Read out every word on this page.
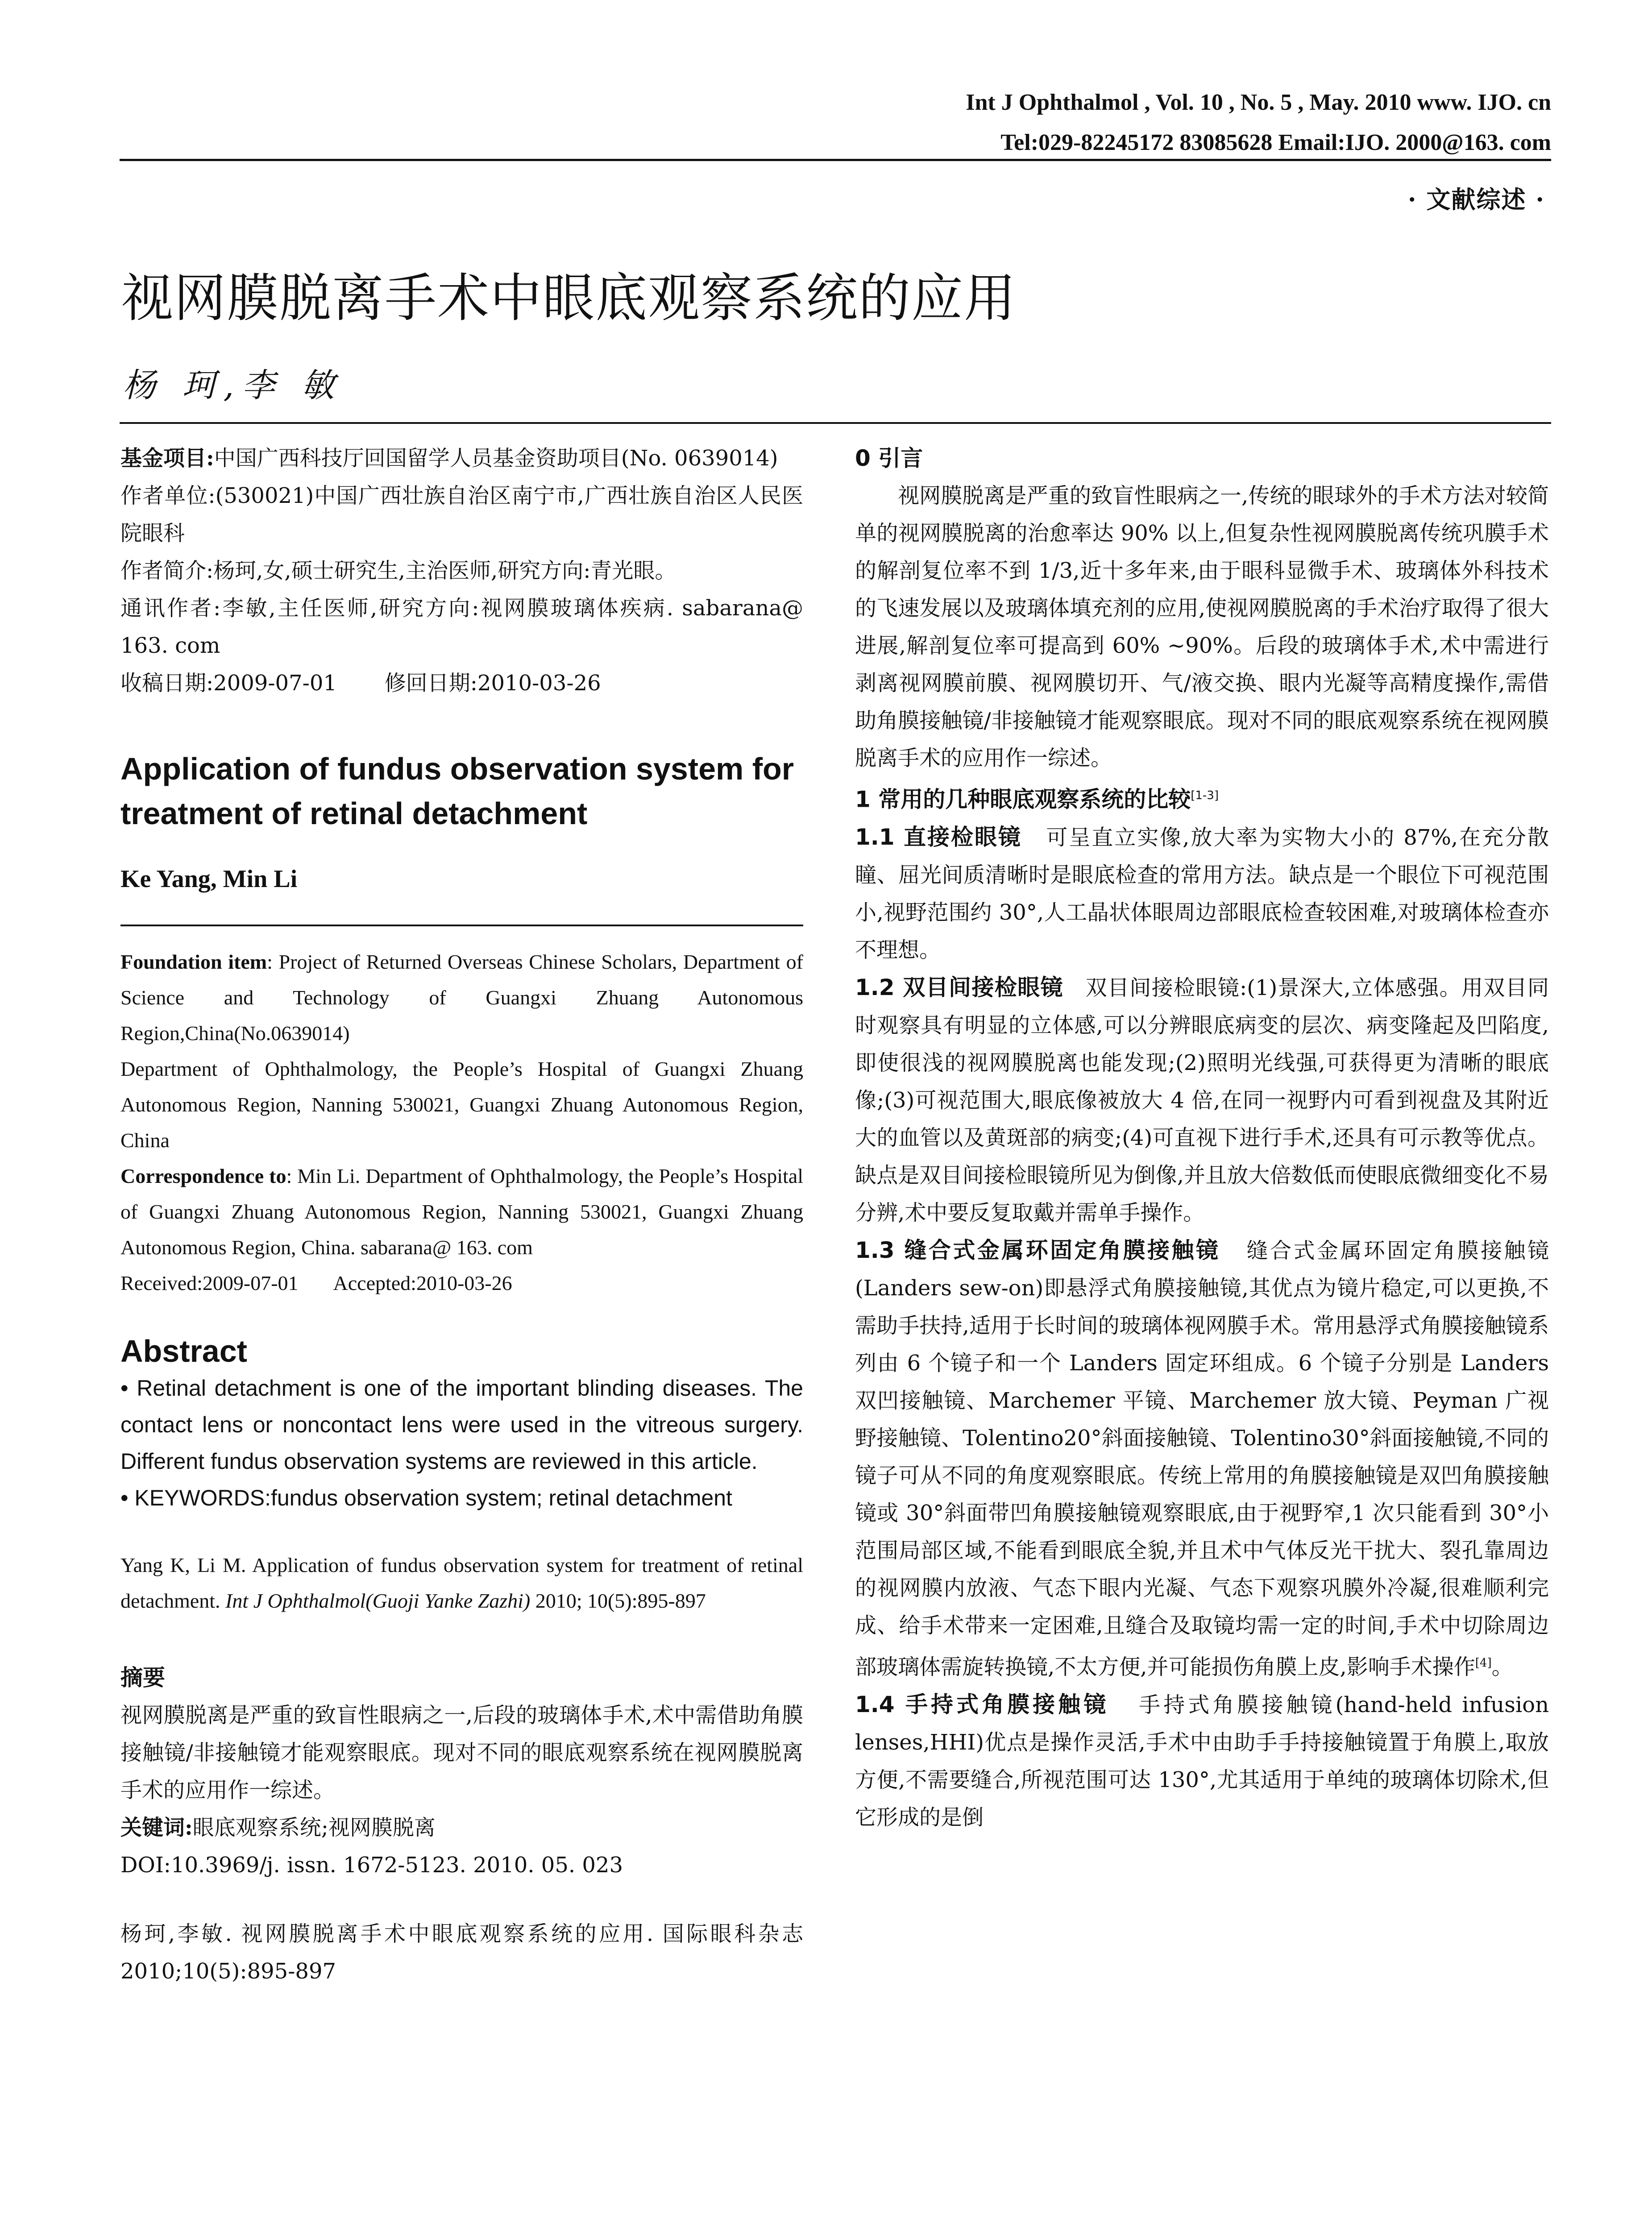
Int J Ophthalmol , Vol. 10 , No. 5 , May. 2010 www. IJO. cn
Tel:029-82245172 83085628 Email:IJO. 2000@163. com
· 文献综述 ·
视网膜脱离手术中眼底观察系统的应用
杨 珂,李 敏

基金项目:中国广西科技厅回国留学人员基金资助项目(No. 0639014)

作者单位:(530021)中国广西壮族自治区南宁市,广西壮族自治区人民医院眼科

作者简介:杨珂,女,硕士研究生,主治医师,研究方向:青光眼。

通讯作者:李敏,主任医师,研究方向:视网膜玻璃体疾病. sabarana@ 163. com

收稿日期:2009-07-01       修回日期:2010-03-26

Application of fundus observation system for treatment of retinal detachment
Ke Yang, Min Li

Foundation item: Project of Returned Overseas Chinese Scholars, Department of Science and Technology of Guangxi Zhuang Autonomous Region,China(No.0639014)

Department of Ophthalmology, the People’s Hospital of Guangxi Zhuang Autonomous Region, Nanning 530021, Guangxi Zhuang Autonomous Region, China

Correspondence to: Min Li. Department of Ophthalmology, the People’s Hospital of Guangxi Zhuang Autonomous Region, Nanning 530021, Guangxi Zhuang Autonomous Region, China. sabarana@ 163. com

Received:2009-07-01       Accepted:2010-03-26

Abstract

• Retinal detachment is one of the important blinding diseases. The contact lens or noncontact lens were used in the vitreous surgery. Different fundus observation systems are reviewed in this article.

• KEYWORDS:fundus observation system; retinal detachment

Yang K, Li M. Application of fundus observation system for treatment of retinal detachment. Int J Ophthalmol(Guoji Yanke Zazhi) 2010; 10(5):895-897

摘要

视网膜脱离是严重的致盲性眼病之一,后段的玻璃体手术,术中需借助角膜接触镜/非接触镜才能观察眼底。现对不同的眼底观察系统在视网膜脱离手术的应用作一综述。

关键词:眼底观察系统;视网膜脱离

DOI:10.3969/j. issn. 1672-5123. 2010. 05. 023

杨珂,李敏. 视网膜脱离手术中眼底观察系统的应用. 国际眼科杂志 2010;10(5):895-897

0 引言

视网膜脱离是严重的致盲性眼病之一,传统的眼球外的手术方法对较简单的视网膜脱离的治愈率达 90% 以上,但复杂性视网膜脱离传统巩膜手术的解剖复位率不到 1/3,近十多年来,由于眼科显微手术、玻璃体外科技术的飞速发展以及玻璃体填充剂的应用,使视网膜脱离的手术治疗取得了很大进展,解剖复位率可提高到 60% ~90%。后段的玻璃体手术,术中需进行剥离视网膜前膜、视网膜切开、气/液交换、眼内光凝等高精度操作,需借助角膜接触镜/非接触镜才能观察眼底。现对不同的眼底观察系统在视网膜脱离手术的应用作一综述。

1 常用的几种眼底观察系统的比较[1-3]

1.1 直接检眼镜 可呈直立实像,放大率为实物大小的 87%,在充分散瞳、屈光间质清晰时是眼底检查的常用方法。缺点是一个眼位下可视范围小,视野范围约 30°,人工晶状体眼周边部眼底检查较困难,对玻璃体检查亦不理想。

1.2 双目间接检眼镜 双目间接检眼镜:(1)景深大,立体感强。用双目同时观察具有明显的立体感,可以分辨眼底病变的层次、病变隆起及凹陷度,即使很浅的视网膜脱离也能发现;(2)照明光线强,可获得更为清晰的眼底像;(3)可视范围大,眼底像被放大 4 倍,在同一视野内可看到视盘及其附近大的血管以及黄斑部的病变;(4)可直视下进行手术,还具有可示教等优点。缺点是双目间接检眼镜所见为倒像,并且放大倍数低而使眼底微细变化不易分辨,术中要反复取戴并需单手操作。

1.3 缝合式金属环固定角膜接触镜 缝合式金属环固定角膜接触镜(Landers sew-on)即悬浮式角膜接触镜,其优点为镜片稳定,可以更换,不需助手扶持,适用于长时间的玻璃体视网膜手术。常用悬浮式角膜接触镜系列由 6 个镜子和一个 Landers 固定环组成。6 个镜子分别是 Landers 双凹接触镜、Marchemer 平镜、Marchemer 放大镜、Peyman 广视野接触镜、Tolentino20°斜面接触镜、Tolentino30°斜面接触镜,不同的镜子可从不同的角度观察眼底。传统上常用的角膜接触镜是双凹角膜接触镜或 30°斜面带凹角膜接触镜观察眼底,由于视野窄,1 次只能看到 30°小范围局部区域,不能看到眼底全貌,并且术中气体反光干扰大、裂孔靠周边的视网膜内放液、气态下眼内光凝、气态下观察巩膜外冷凝,很难顺利完成、给手术带来一定困难,且缝合及取镜均需一定的时间,手术中切除周边部玻璃体需旋转换镜,不太方便,并可能损伤角膜上皮,影响手术操作[4]。

1.4 手持式角膜接触镜 手持式角膜接触镜(hand-held infusion lenses,HHI)优点是操作灵活,手术中由助手手持接触镜置于角膜上,取放方便,不需要缝合,所视范围可达 130°,尤其适用于单纯的玻璃体切除术,但它形成的是倒
